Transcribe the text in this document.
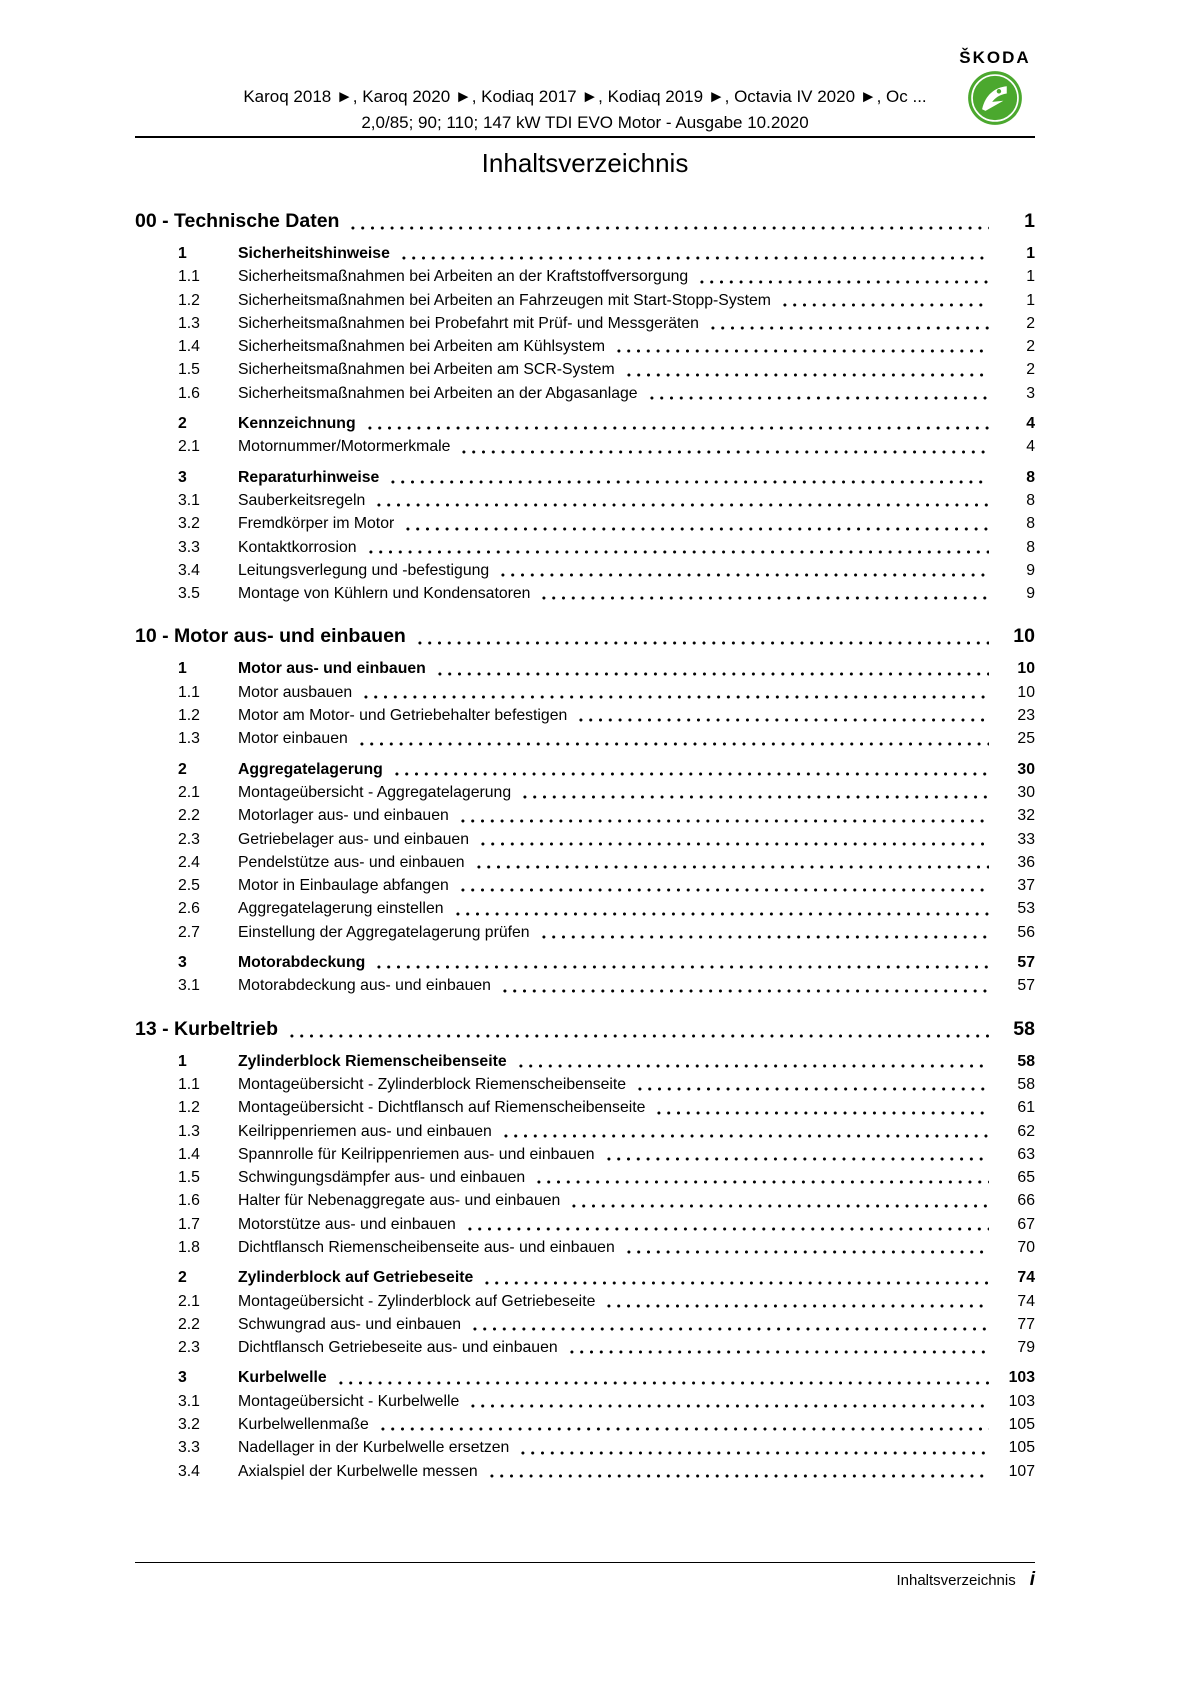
ŠKODA
Karoq 2018 ►, Karoq 2020 ►, Kodiaq 2017 ►, Kodiaq 2019 ►, Octavia IV 2020 ►, Oc ...
2,0/85; 90; 110; 147 kW TDI EVO Motor - Ausgabe 10.2020
Inhaltsverzeichnis
00 - Technische Daten	1
1	Sicherheitshinweise	1
1.1	Sicherheitsmaßnahmen bei Arbeiten an der Kraftstoffversorgung	1
1.2	Sicherheitsmaßnahmen bei Arbeiten an Fahrzeugen mit Start-Stopp-System	1
1.3	Sicherheitsmaßnahmen bei Probefahrt mit Prüf- und Messgeräten	2
1.4	Sicherheitsmaßnahmen bei Arbeiten am Kühlsystem	2
1.5	Sicherheitsmaßnahmen bei Arbeiten am SCR-System	2
1.6	Sicherheitsmaßnahmen bei Arbeiten an der Abgasanlage	3
2	Kennzeichnung	4
2.1	Motornummer/Motormerkmale	4
3	Reparaturhinweise	8
3.1	Sauberkeitsregeln	8
3.2	Fremdkörper im Motor	8
3.3	Kontaktkorrosion	8
3.4	Leitungsverlegung und -befestigung	9
3.5	Montage von Kühlern und Kondensatoren	9
10 - Motor aus- und einbauen	10
1	Motor aus- und einbauen	10
1.1	Motor ausbauen	10
1.2	Motor am Motor- und Getriebehalter befestigen	23
1.3	Motor einbauen	25
2	Aggregatelagerung	30
2.1	Montageübersicht - Aggregatelagerung	30
2.2	Motorlager aus- und einbauen	32
2.3	Getriebelager aus- und einbauen	33
2.4	Pendelstütze aus- und einbauen	36
2.5	Motor in Einbaulage abfangen	37
2.6	Aggregatelagerung einstellen	53
2.7	Einstellung der Aggregatelagerung prüfen	56
3	Motorabdeckung	57
3.1	Motorabdeckung aus- und einbauen	57
13 - Kurbeltrieb	58
1	Zylinderblock Riemenscheibenseite	58
1.1	Montageübersicht - Zylinderblock Riemenscheibenseite	58
1.2	Montageübersicht - Dichtflansch auf Riemenscheibenseite	61
1.3	Keilrippenriemen aus- und einbauen	62
1.4	Spannrolle für Keilrippenriemen aus- und einbauen	63
1.5	Schwingungsdämpfer aus- und einbauen	65
1.6	Halter für Nebenaggregate aus- und einbauen	66
1.7	Motorstütze aus- und einbauen	67
1.8	Dichtflansch Riemenscheibenseite aus- und einbauen	70
2	Zylinderblock auf Getriebeseite	74
2.1	Montageübersicht - Zylinderblock auf Getriebeseite	74
2.2	Schwungrad aus- und einbauen	77
2.3	Dichtflansch Getriebeseite aus- und einbauen	79
3	Kurbelwelle	103
3.1	Montageübersicht - Kurbelwelle	103
3.2	Kurbelwellenmaße	105
3.3	Nadellager in der Kurbelwelle ersetzen	105
3.4	Axialspiel der Kurbelwelle messen	107
Inhaltsverzeichnis i
